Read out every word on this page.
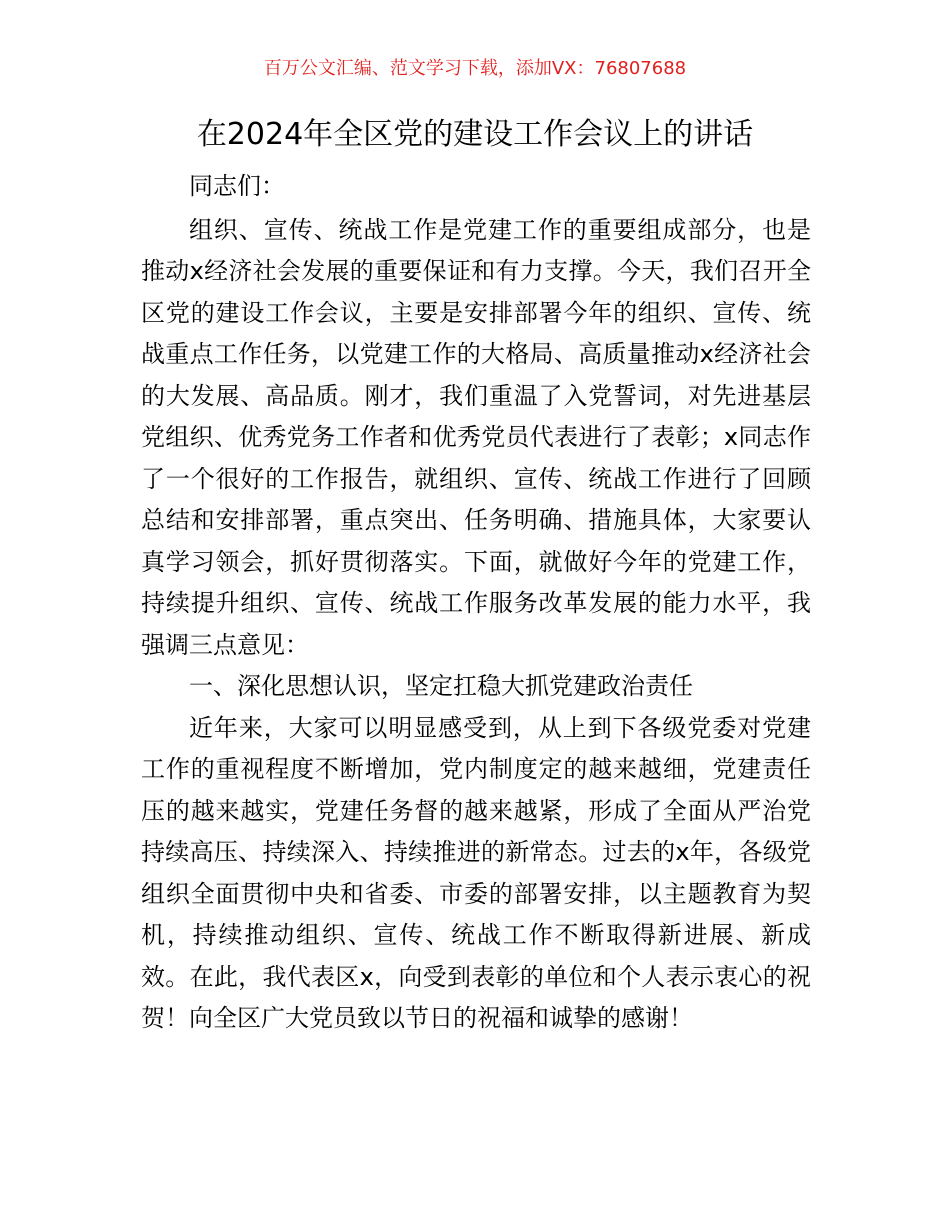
百万公文汇编、范文学习下载，添加VX：76807688
在2024年全区党的建设工作会议上的讲话

同志们：

组织、宣传、统战工作是党建工作的重要组成部分，也是推动x经济社会发展的重要保证和有力支撑。今天，我们召开全区党的建设工作会议，主要是安排部署今年的组织、宣传、统战重点工作任务，以党建工作的大格局、高质量推动x经济社会的大发展、高品质。刚才，我们重温了入党誓词，对先进基层党组织、优秀党务工作者和优秀党员代表进行了表彰；x同志作了一个很好的工作报告，就组织、宣传、统战工作进行了回顾总结和安排部署，重点突出、任务明确、措施具体，大家要认真学习领会，抓好贯彻落实。下面，就做好今年的党建工作，持续提升组织、宣传、统战工作服务改革发展的能力水平，我强调三点意见：

一、深化思想认识，坚定扛稳大抓党建政治责任

近年来，大家可以明显感受到，从上到下各级党委对党建工作的重视程度不断增加，党内制度定的越来越细，党建责任压的越来越实，党建任务督的越来越紧，形成了全面从严治党持续高压、持续深入、持续推进的新常态。过去的x年，各级党组织全面贯彻中央和省委、市委的部署安排，以主题教育为契机，持续推动组织、宣传、统战工作不断取得新进展、新成效。在此，我代表区x，向受到表彰的单位和个人表示衷心的祝贺！向全区广大党员致以节日的祝福和诚挚的感谢！
